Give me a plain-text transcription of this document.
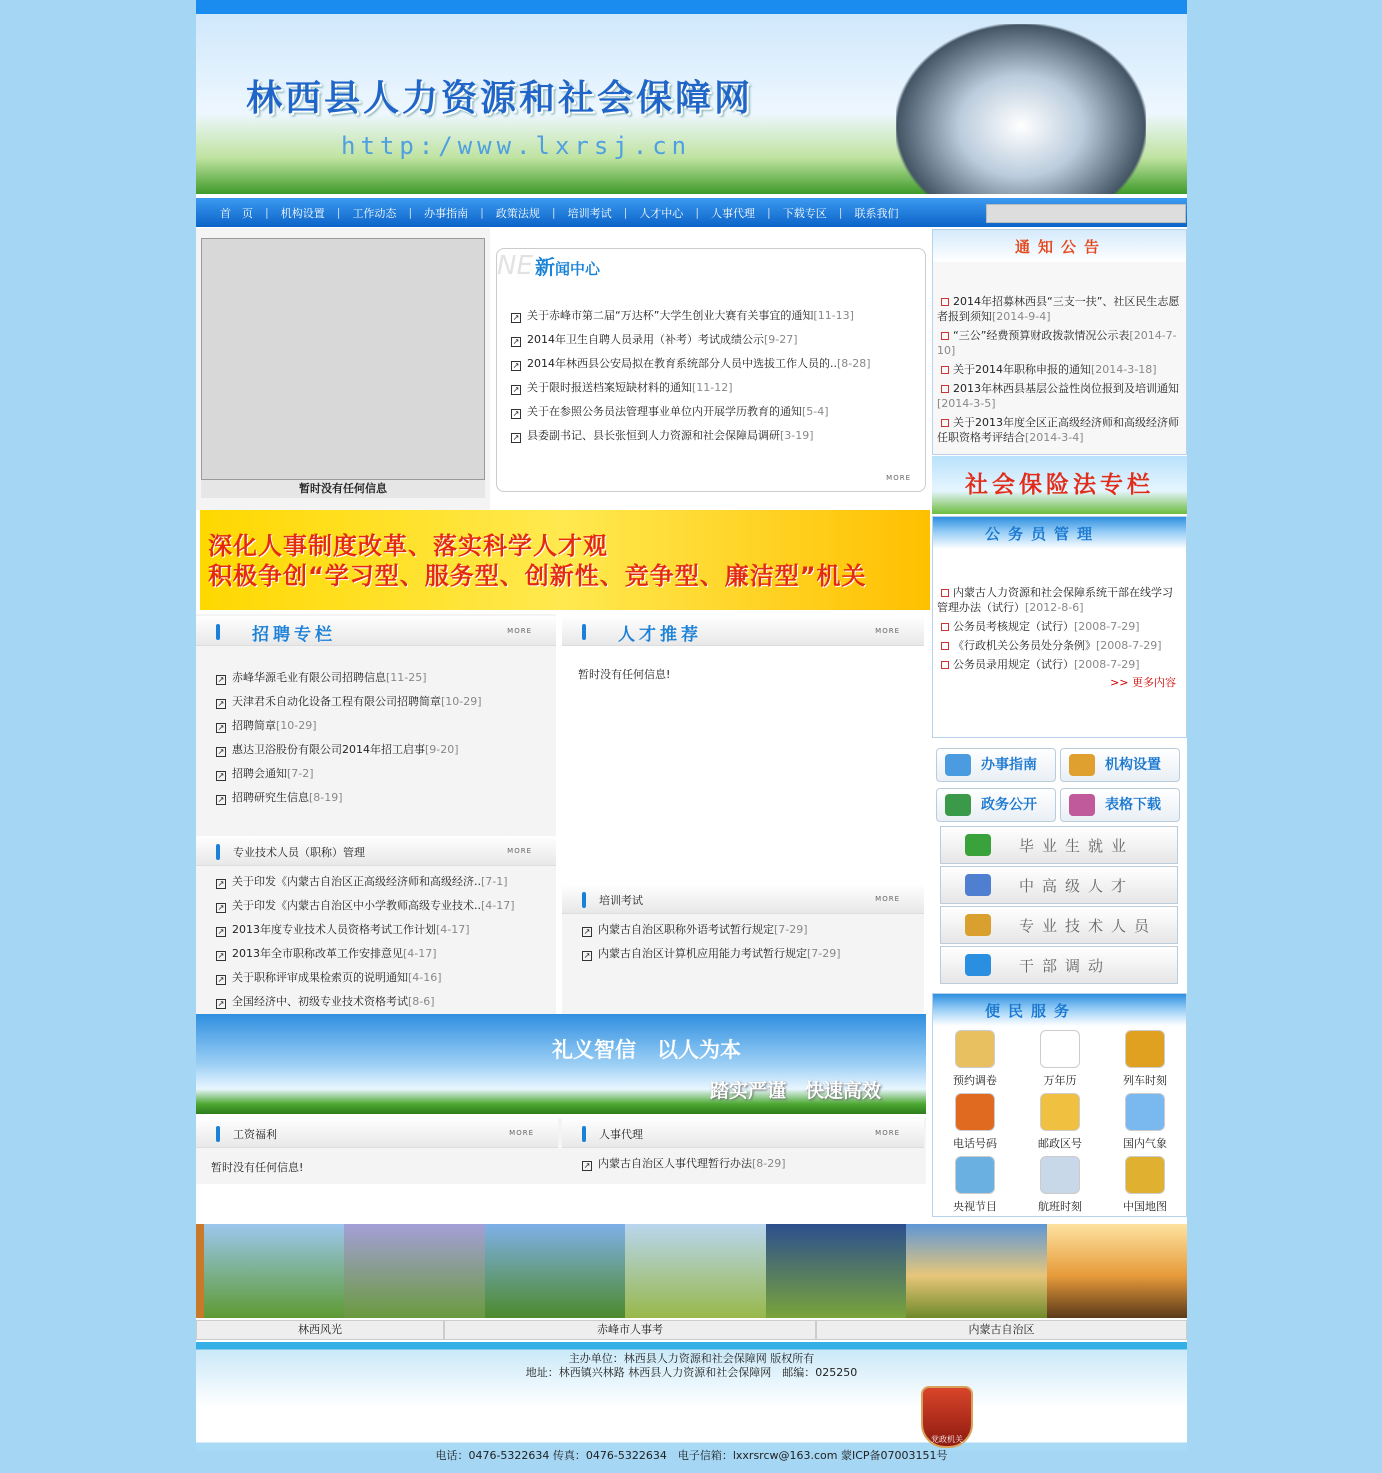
林西县人力资源和社会保障网
http:/www.lxrsj.cn
首　页	|	机构设置	|	工作动态	|	办事指南	|	政策法规	|	培训考试	|	人才中心	|	人事代理	|	下载专区	|	联系我们
暂时没有任何信息
NE 新闻中心
↗ 关于赤峰市第二届“万达杯”大学生创业大赛有关事宜的通知[11-13]
↗ 2014年卫生自聘人员录用（补考）考试成绩公示[9-27]
↗ 2014年林西县公安局拟在教育系统部分人员中选拔工作人员的..[8-28]
↗ 关于限时报送档案短缺材料的通知[11-12]
↗ 关于在参照公务员法管理事业单位内开展学历教育的通知[5-4]
↗ 县委副书记、县长张恒到人力资源和社会保障局调研[3-19]
MORE
深化人事制度改革、落实科学人才观
积极争创“学习型、服务型、创新性、竞争型、廉洁型”机关
招聘专栏	MORE
↗ 赤峰华源毛业有限公司招聘信息[11-25]
↗ 天津君禾自动化设备工程有限公司招聘简章[10-29]
↗ 招聘简章[10-29]
↗ 惠达卫浴股份有限公司2014年招工启事[9-20]
↗ 招聘会通知[7-2]
↗ 招聘研究生信息[8-19]
人才推荐	MORE
暂时没有任何信息!
专业技术人员（职称）管理	MORE
↗ 关于印发《内蒙古自治区正高级经济师和高级经济..[7-1]
↗ 关于印发《内蒙古自治区中小学教师高级专业技术..[4-17]
↗ 2013年度专业技术人员资格考试工作计划[4-17]
↗ 2013年全市职称改革工作安排意见[4-17]
↗ 关于职称评审成果检索页的说明通知[4-16]
↗ 全国经济中、初级专业技术资格考试[8-6]
培训考试	MORE
↗ 内蒙古自治区职称外语考试暂行规定[7-29]
↗ 内蒙古自治区计算机应用能力考试暂行规定[7-29]
礼义智信　以人为本
踏实严谨　快速高效
工资福利	MORE
暂时没有任何信息!
人事代理	MORE
↗ 内蒙古自治区人事代理暂行办法[8-29]
通知公告
2014年招募林西县“三支一扶”、社区民生志愿者报到须知[2014-9-4]
“三公”经费预算财政拨款情况公示表[2014-7-10]
关于2014年职称申报的通知[2014-3-18]
2013年林西县基层公益性岗位报到及培训通知[2014-3-5]
关于2013年度全区正高级经济师和高级经济师任职资格考评结合[2014-3-4]
社会保险法专栏
公务员管理
内蒙古人力资源和社会保障系统干部在线学习管理办法（试行）[2012-8-6]
公务员考核规定（试行）[2008-7-29]
《行政机关公务员处分条例》[2008-7-29]
公务员录用规定（试行）[2008-7-29]
>> 更多内容
办事指南	机构设置
政务公开	表格下载
毕业生就业
中高级人才
专业技术人员
干部调动
便民服务
预约调卷	万年历	列车时刻
电话号码	邮政区号	国内气象
央视节目	航班时刻	中国地图
林西风光	赤峰市人事考	内蒙古自治区
主办单位：林西县人力资源和社会保障网 版权所有
地址：林西镇兴林路 林西县人力资源和社会保障网　邮编：025250
电话：0476-5322634 传真：0476-5322634　电子信箱：lxxrsrcw@163.com 蒙ICP备07003151号
党政机关
